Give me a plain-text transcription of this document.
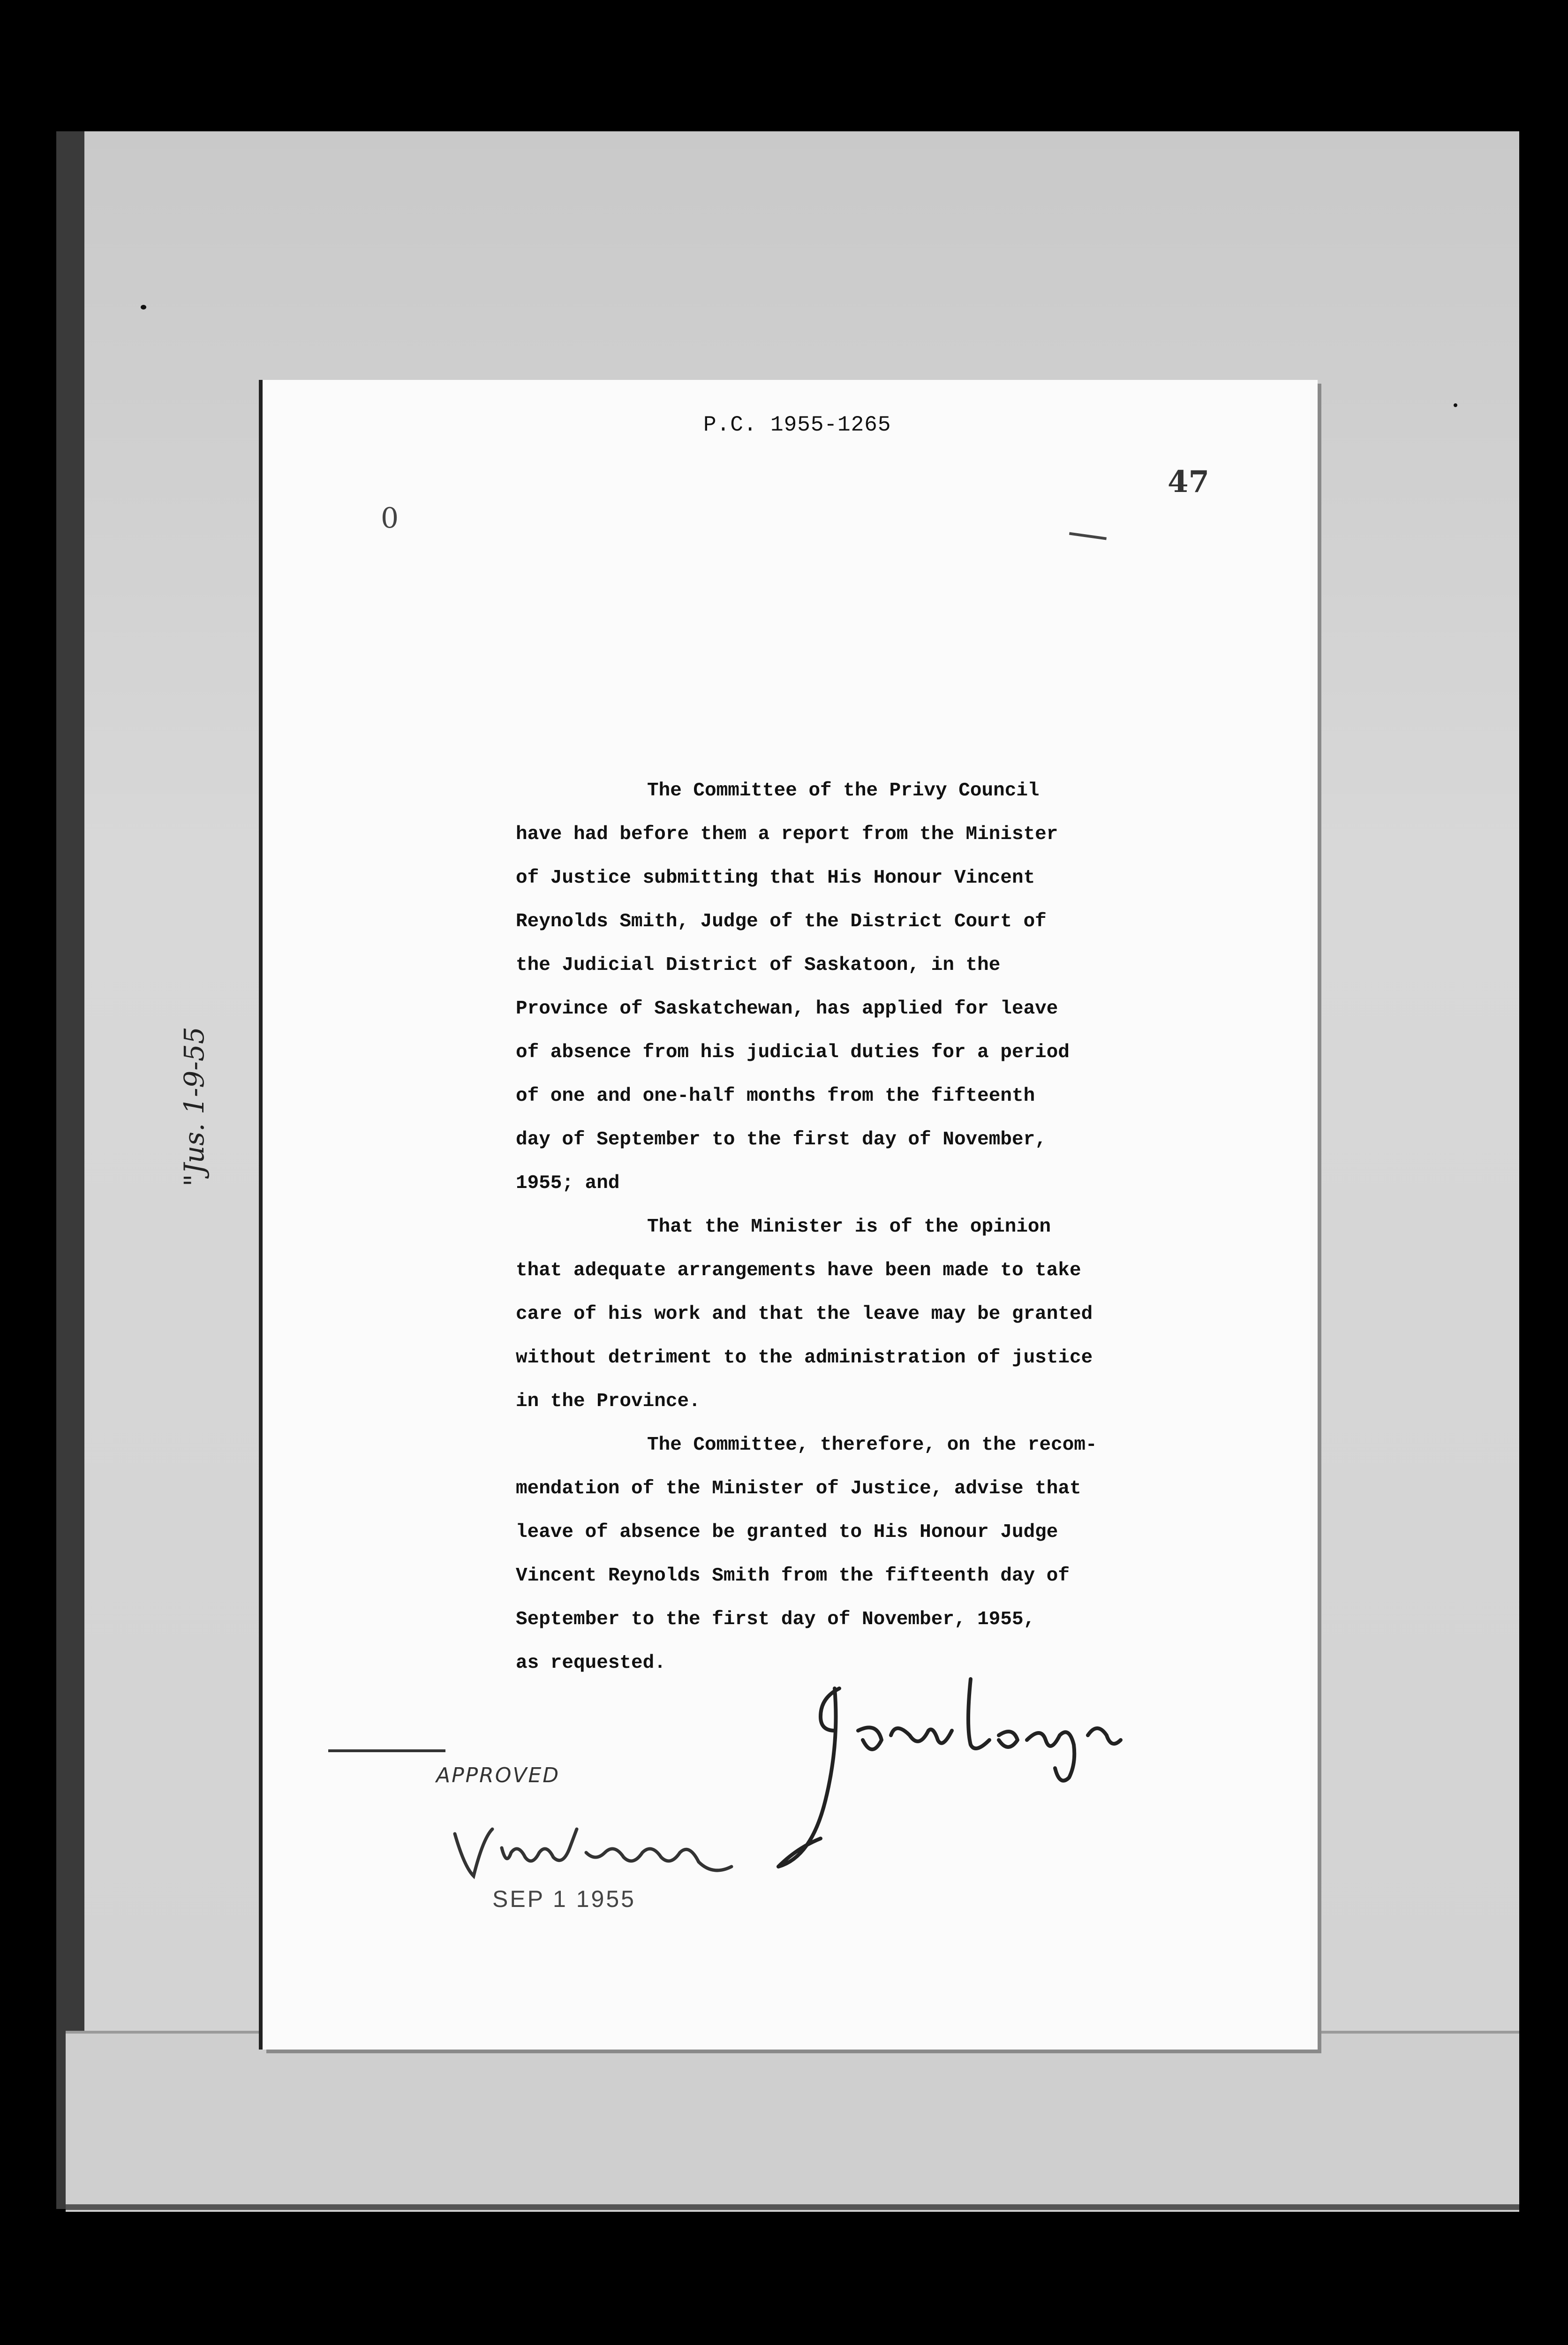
P.C. 1955-1265
47
0
The Committee of the Privy Council
have had before them a report from the Minister
of Justice submitting that His Honour Vincent
Reynolds Smith, Judge of the District Court of
the Judicial District of Saskatoon, in the
Province of Saskatchewan, has applied for leave
of absence from his judicial duties for a period
of one and one-half months from the fifteenth
day of September to the first day of November,
1955; and
That the Minister is of the opinion
that adequate arrangements have been made to take
care of his work and that the leave may be granted
without detriment to the administration of justice
in the Province.
The Committee, therefore, on the recom-
mendation of the Minister of Justice, advise that
leave of absence be granted to His Honour Judge
Vincent Reynolds Smith from the fifteenth day of
September to the first day of November, 1955,
as requested.
"Jus. 1-9-55
APPROVED
SEP 1 1955
